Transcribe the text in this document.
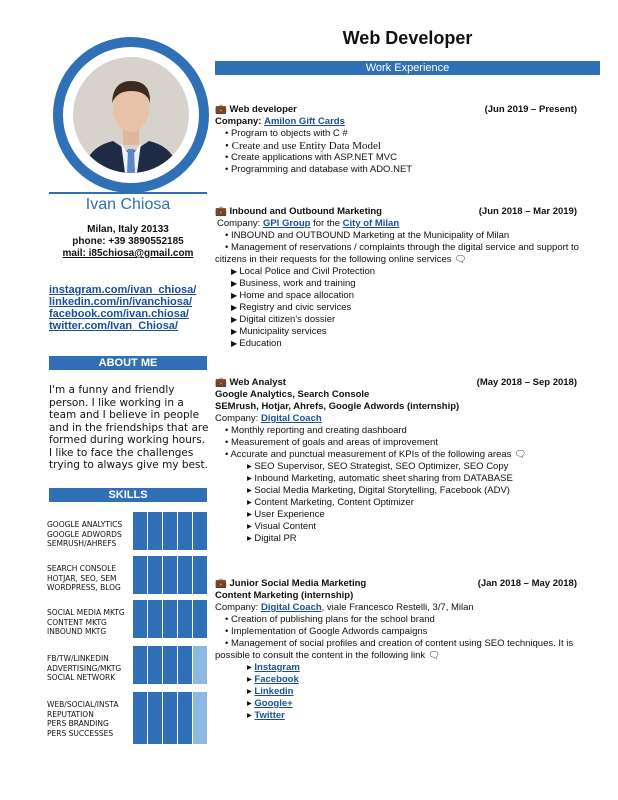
Ivan Chiosa
Milan, Italy 20133
phone: +39 3890552185
mail: i85chiosa@gmail.com
instagram.com/ivan_chiosa/
linkedin.com/in/ivanchiosa/
facebook.com/ivan.chiosa/
twitter.com/Ivan_Chiosa/
ABOUT ME
I'm a funny and friendly person. I like working in a team and I believe in people and in the friendships that are formed during working hours. I like to face the challenges trying to always give my best.
SKILLS
GOOGLE ANALYTICS
GOOGLE ADWORDS
SEMRUSH/AHREFS
SEARCH CONSOLE
HOTJAR, SEO, SEM
WORDPRESS, BLOG
SOCIAL MEDIA MKTG
CONTENT MKTG
INBOUND MKTG
FB/TW/LINKEDIN
ADVERTISING/MKTG
SOCIAL NETWORK
WEB/SOCIAL/INSTA
REPUTATION
PERS BRANDING
PERS SUCCESSES
Web Developer
Work Experience
💼 Web developer	(Jun 2019 – Present)
Company: Amilon Gift Cards
• Program to objects with C #
• Create and use Entity Data Model
• Create applications with ASP.NET MVC
• Programming and database with ADO.NET
💼 Inbound and Outbound Marketing	(Jun 2018 – Mar 2019)
Company: GPI Group for the City of Milan
• INBOUND and OUTBOUND Marketing at the Municipality of Milan
• Management of reservations / complaints through the digital service and support to citizens in their requests for the following online services 🗨
▶ Local Police and Civil Protection
▶ Business, work and training
▶ Home and space allocation
▶ Registry and civic services
▶ Digital citizen's dossier
▶ Municipality services
▶ Education
💼 Web Analyst	(May 2018 – Sep 2018)
Google Analytics, Search Console
SEMrush, Hotjar, Ahrefs, Google Adwords (internship)
Company: Digital Coach
• Monthly reporting and creating dashboard
• Measurement of goals and areas of improvement
• Accurate and punctual measurement of KPIs of the following areas 🗨
▸ SEO Supervisor, SEO Strategist, SEO Optimizer, SEO Copy
▸ Inbound Marketing, automatic sheet sharing from DATABASE
▸ Social Media Marketing, Digital Storytelling, Facebook (ADV)
▸ Content Marketing, Content Optimizer
▸ User Experience
▸ Visual Content
▸ Digital PR
💼 Junior Social Media Marketing	(Jan 2018 – May 2018)
Content Marketing (internship)
Company: Digital Coach, viale Francesco Restelli, 3/7, Milan
• Creation of publishing plans for the school brand
• Implementation of Google Adwords campaigns
• Management of social profiles and creation of content using SEO techniques. It is possible to consult the content in the following link 🗨
▸ Instagram
▸ Facebook
▸ Linkedin
▸ Google+
▸ Twitter
